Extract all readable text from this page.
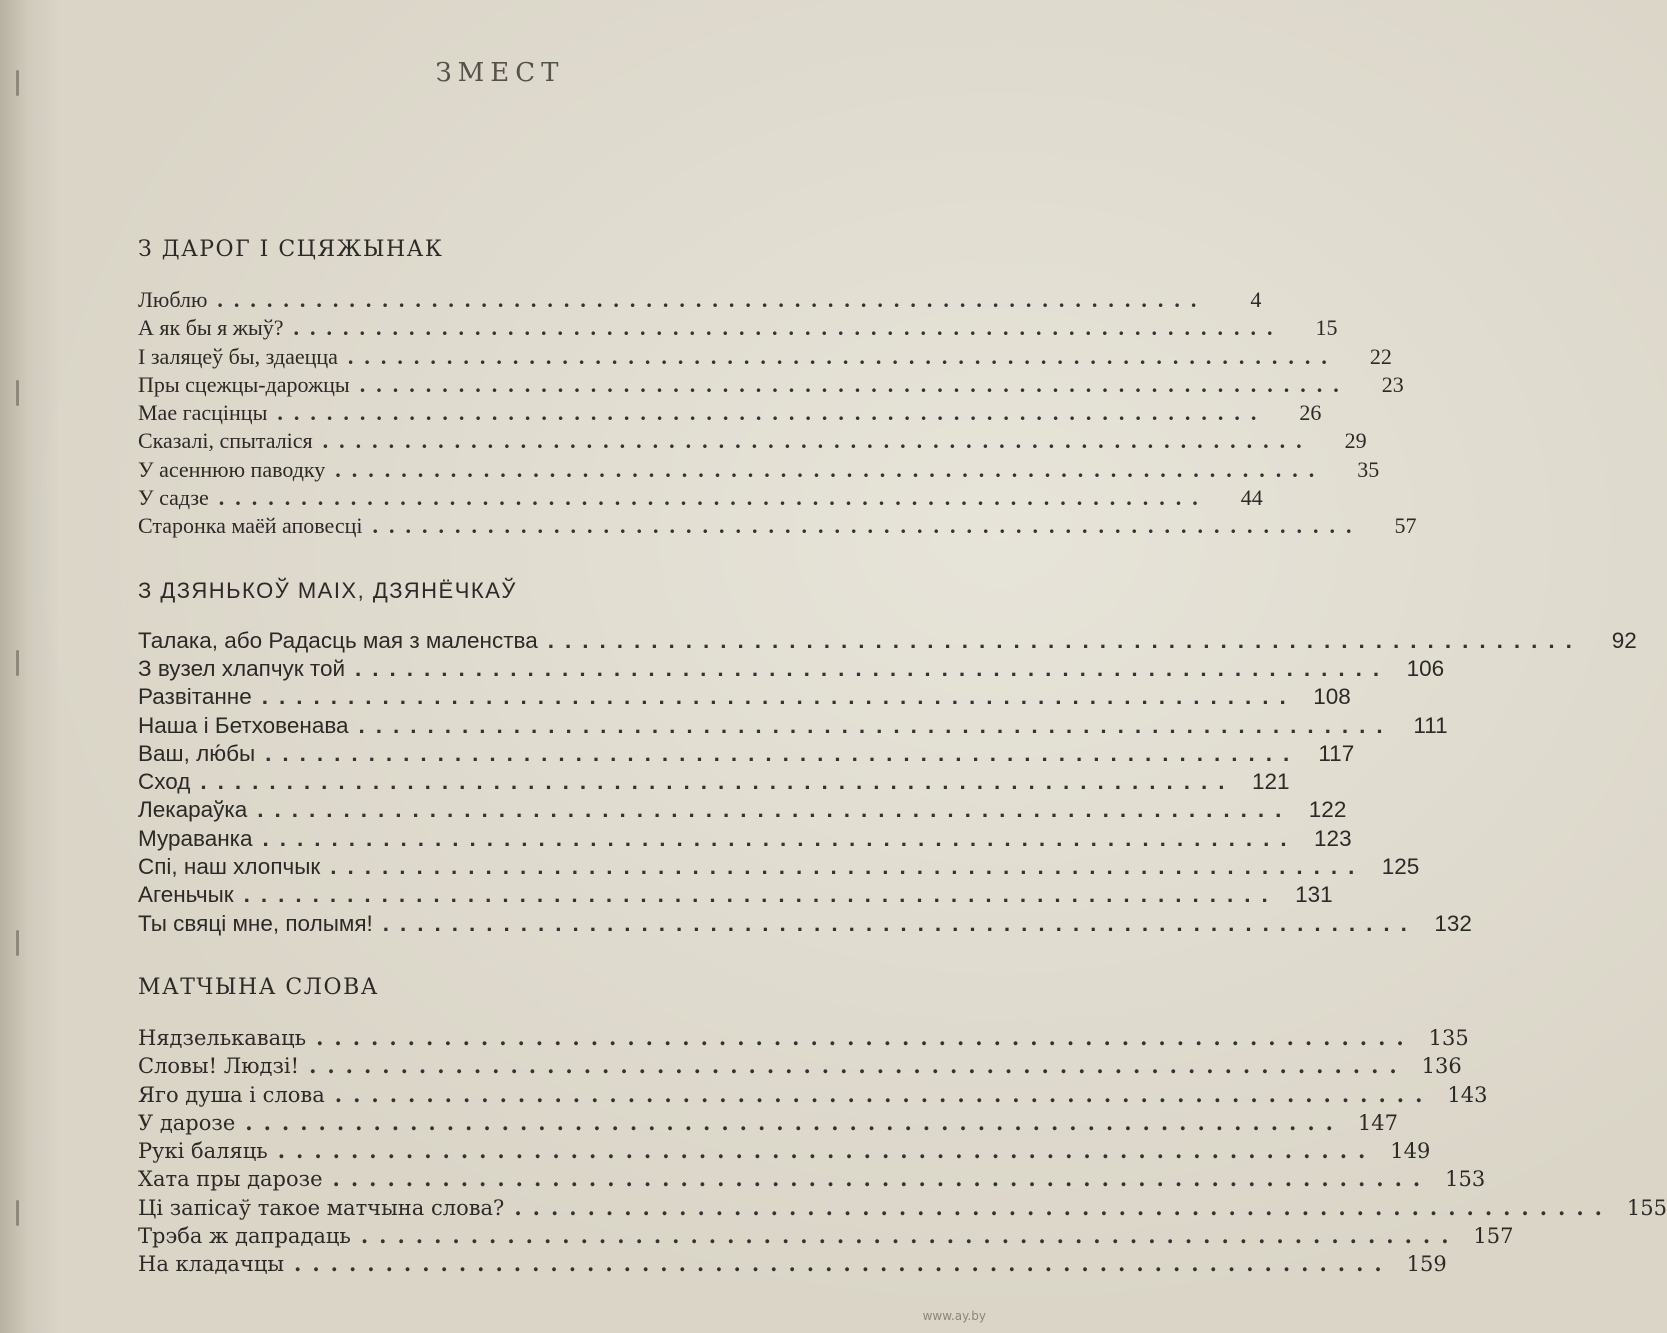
ЗМЕСТ
З ДАРОГ І СЦЯЖЫНАК
Люблю ............................................................	4
А як бы я жыў? ............................................................	15
І заляцеў бы, здаецца ............................................................	22
Пры сцежцы-дарожцы ............................................................	23
Мае гасцінцы ............................................................	26
Сказалі, спыталіся ............................................................	29
У асеннюю паводку ............................................................	35
У садзе ............................................................	44
Старонка маёй аповесці ............................................................	57
З ДЗЯНЬКОЎ МАІХ, ДЗЯНЁЧКАЎ
Талака, або Радасць мая з маленства ............................................................	92
З вузел хлапчук той ............................................................ 106
Развітанне ............................................................ 108
Наша і Бетховенава ............................................................ 111
Ваш, лю́бы ............................................................ 117
Сход ............................................................ 121
Лекараўка ............................................................ 122
Мураванка ............................................................ 123
Спі, наш хлопчык ............................................................ 125
Агеньчык ............................................................ 131
Ты свяці мне, полымя! ............................................................ 132
МАТЧЫНА СЛОВА
Нядзелькаваць ............................................................ 135
Словы! Людзі! ............................................................ 136
Яго душа і слова ............................................................ 143
У дарозе ............................................................ 147
Рукі баляць ............................................................ 149
Хата пры дарозе ............................................................ 153
Ці запісаў такое матчына слова? ............................................................ 155
Трэба ж дапрадаць ............................................................ 157
На кладачцы ............................................................ 159
www.ay.by
